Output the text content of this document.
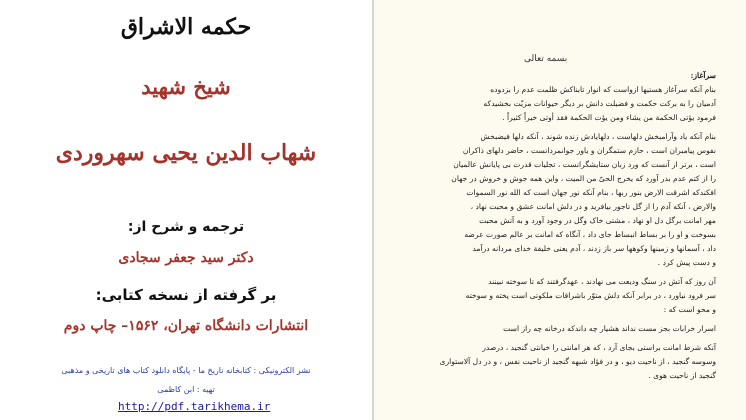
حکمه الاشراق
شیخ شهید
شهاب الدین یحیی سهروردی
ترجمه و شرح از:
دکتر سید جعفر سجادی
بر گرفته از نسخه کتابی:
انتشارات دانشگاه تهران، ۱۵۶۲– چاپ دوم
نشر الکترونیکی : کتابخانه تاریخ ما - پایگاه دانلود کتاب های تاریخی و مذهبی
تهیه : ابن کاظمی
http://pdf.tarikhema.ir
بسمه تعالی
سرآغاز:
بنام آنکه سرآغاز هستیها ازواست که انوار تابناکش ظلمت عدم را بزدوده
آدمیان را به برکت حکمت و فضیلت دانش بر دیگر حیوانات مزیّت بخشیدکه
فرمود یؤتی الحکمة من یشاء ومن یؤت الحکمة فقد أوتی خیراً کثیراً .
بنام آنکه یاد وآرامبخش دلهاست ، دلهایادش زنده شوند ، آنکه دلها فیضبخش
نفوس پیامبران است ، حازم ستمگران و یاور جوانمردانست ، حاضر دلهای ذاکران
است ، برتر از آنست که ورد زبان ستایشگرانست ، تجلیات قدرت بی پایانش عالمیان
را از کتم عدم بدر آورد که یخرج الحیّ من المیت ، واین همه جوش و خروش در جهان
افکندکه اشرقت الارض بنور ربها ، بنام آنکه نور جهان است که الله نور السموات
والارض ، آنکه آدم را از گل تاجور بیافرید و در دلش امانت عشق و محبت نهاد ،
مهر امانت برگل دل او نهاد ، مشتی خاک وگل در وجود آورد و به آتش محبت
بسوخت و او را بر بساط انبساط جای داد ، آنگاه که امانت بر عالم صورت عرضه
داد ، آسمانها و زمینها وکوهها سر باز زدند ، آدم یعنی خلیفة خدای مردانه درآمد
و دست پیش کرد .
آن روز که آتش در سنگ ودیعت می نهادند ، عهدگرفتند که تا سوخته نبینند
سر فرود نیاورد ، در برابر آنکه دلش متوّر باشراقات ملکوتی است پخته و سوخته
و محو است که :
اسرار خرابات بجز مست نداند هشیار چه داندکه درخانه چه راز است
آنکه شرط امانت براستی بجای آرد ، که هر امانتی را خیانتی گنجید ، درصدر
وسوسه گنجید ، از ناحیت دیو ، و در فؤاد شبهه گنجید از ناحیت نفس ، و در دل آلاستواری
گنجید از ناحیت هوی .
